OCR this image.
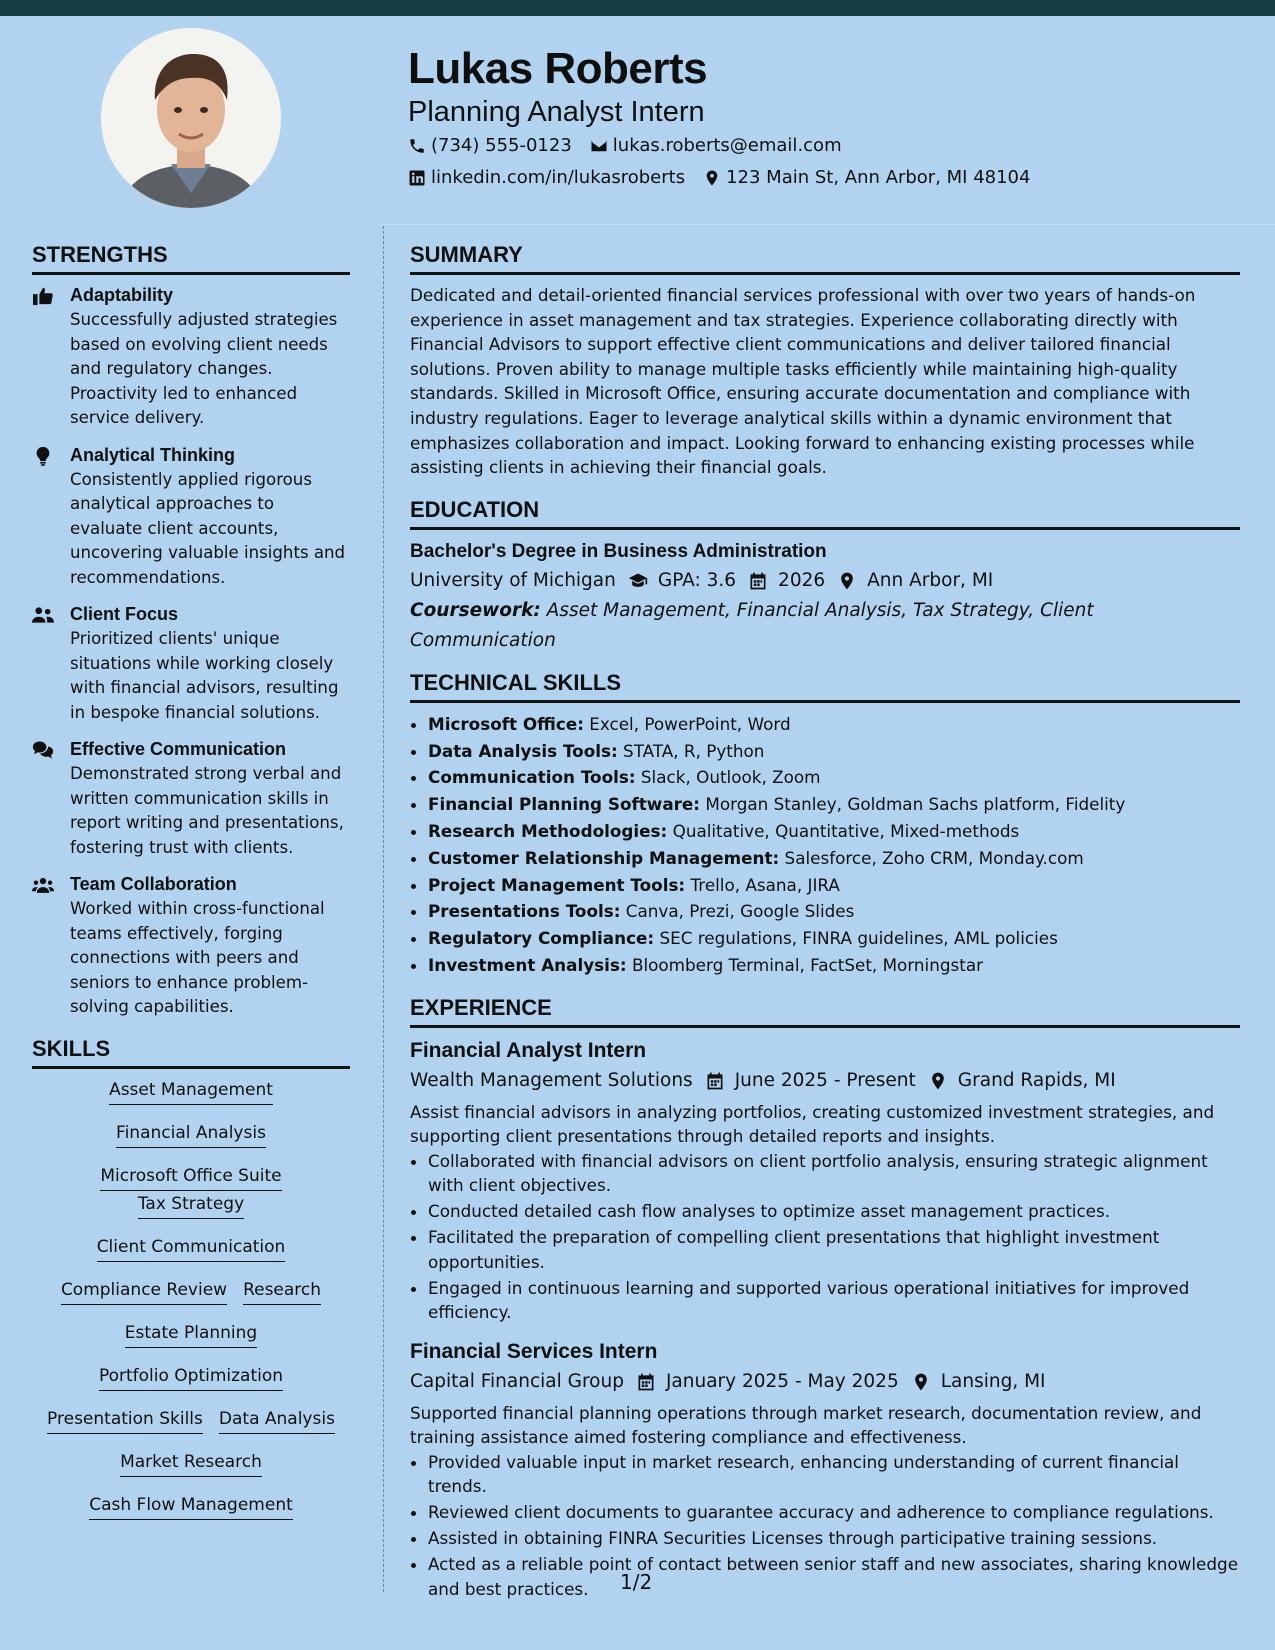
Lukas Roberts
Planning Analyst Intern
(734) 555-0123 lukas.roberts@email.com
linkedin.com/in/lukasroberts 123 Main St, Ann Arbor, MI 48104
STRENGTHS
Adaptability
Successfully adjusted strategies based on evolving client needs and regulatory changes. Proactivity led to enhanced service delivery.
Analytical Thinking
Consistently applied rigorous analytical approaches to evaluate client accounts, uncovering valuable insights and recommendations.
Client Focus
Prioritized clients' unique situations while working closely with financial advisors, resulting in bespoke financial solutions.
Effective Communication
Demonstrated strong verbal and written communication skills in report writing and presentations, fostering trust with clients.
Team Collaboration
Worked within cross-functional teams effectively, forging connections with peers and seniors to enhance problem-solving capabilities.
SKILLS
Asset Management
Financial Analysis
Microsoft Office SuiteTax Strategy
Client Communication
Compliance Review Research
Estate Planning
Portfolio Optimization
Presentation Skills Data Analysis
Market Research
Cash Flow Management
SUMMARY
Dedicated and detail-oriented financial services professional with over two years of hands-on experience in asset management and tax strategies. Experience collaborating directly with Financial Advisors to support effective client communications and deliver tailored financial solutions. Proven ability to manage multiple tasks efficiently while maintaining high-quality standards. Skilled in Microsoft Office, ensuring accurate documentation and compliance with industry regulations. Eager to leverage analytical skills within a dynamic environment that emphasizes collaboration and impact. Looking forward to enhancing existing processes while assisting clients in achieving their financial goals.
EDUCATION
Bachelor's Degree in Business Administration
University of Michigan GPA: 3.6 2026 Ann Arbor, MI
Coursework: Asset Management, Financial Analysis, Tax Strategy, Client Communication
TECHNICAL SKILLS
• Microsoft Office: Excel, PowerPoint, Word
• Data Analysis Tools: STATA, R, Python
• Communication Tools: Slack, Outlook, Zoom
• Financial Planning Software: Morgan Stanley, Goldman Sachs platform, Fidelity
• Research Methodologies: Qualitative, Quantitative, Mixed-methods
• Customer Relationship Management: Salesforce, Zoho CRM, Monday.com
• Project Management Tools: Trello, Asana, JIRA
• Presentations Tools: Canva, Prezi, Google Slides
• Regulatory Compliance: SEC regulations, FINRA guidelines, AML policies
• Investment Analysis: Bloomberg Terminal, FactSet, Morningstar
EXPERIENCE
Financial Analyst Intern
Wealth Management Solutions June 2025 - Present Grand Rapids, MI
Assist financial advisors in analyzing portfolios, creating customized investment strategies, and supporting client presentations through detailed reports and insights.
• Collaborated with financial advisors on client portfolio analysis, ensuring strategic alignment with client objectives.
• Conducted detailed cash flow analyses to optimize asset management practices.
• Facilitated the preparation of compelling client presentations that highlight investment opportunities.
• Engaged in continuous learning and supported various operational initiatives for improved efficiency.
Financial Services Intern
Capital Financial Group January 2025 - May 2025 Lansing, MI
Supported financial planning operations through market research, documentation review, and training assistance aimed fostering compliance and effectiveness.
• Provided valuable input in market research, enhancing understanding of current financial trends.
• Reviewed client documents to guarantee accuracy and adherence to compliance regulations.
• Assisted in obtaining FINRA Securities Licenses through participative training sessions.
• Acted as a reliable point of contact between senior staff and new associates, sharing knowledge and best practices.	1/2
